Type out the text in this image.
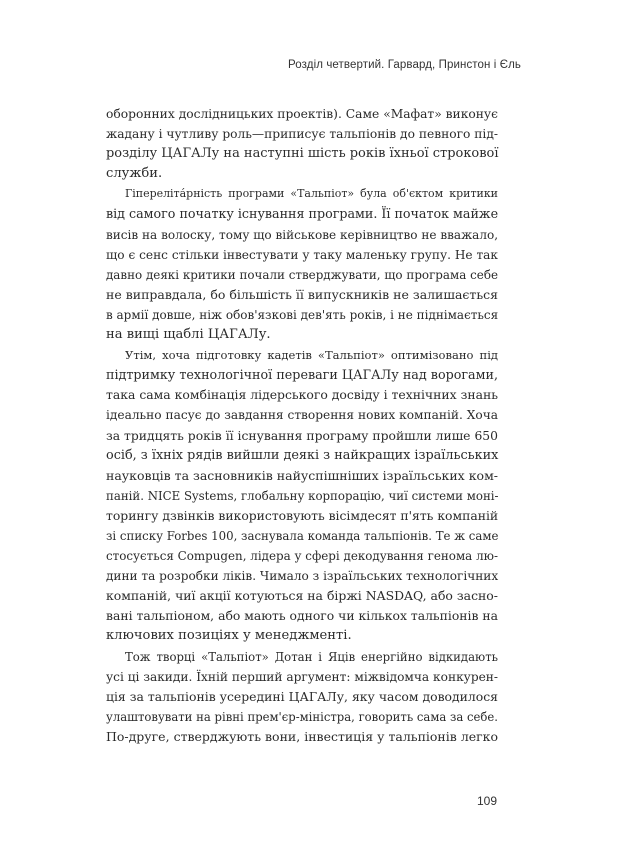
Розділ четвертий. Гарвард, Принстон і Єль

оборонних дослідницьких проектів). Саме «Мафат» виконує
жадану і чутливу роль—приписує тальпіонів до певного під-
розділу ЦАГАЛу на наступні шість років їхньої строкової
служби.

Гіпереліта́рність програми «Тальпіот» була об'єктом критики
від самого початку існування програми. Її початок майже
висів на волоску, тому що військове керівництво не вважало,
що є сенс стільки інвестувати у таку маленьку групу. Не так
давно деякі критики почали стверджувати, що програма себе
не виправдала, бо більшість її випускників не залишається
в армії довше, ніж обов'язкові дев'ять років, і не піднімається
на вищі щаблі ЦАГАЛу.

Утім, хоча підготовку кадетів «Тальпіот» оптимізовано під
підтримку технологічної переваги ЦАГАЛу над ворогами,
така сама комбінація лідерського досвіду і технічних знань
ідеально пасує до завдання створення нових компаній. Хоча
за тридцять років її існування програму пройшли лише 650
осіб, з їхніх рядів вийшли деякі з найкращих ізраїльських
науковців та засновників найуспішніших ізраїльських ком-
паній. NICE Systems, глобальну корпорацію, чиї системи моні-
торингу дзвінків використовують вісімдесят п'ять компаній
зі списку Forbes 100, заснувала команда тальпіонів. Те ж саме
стосується Compugen, лідера у сфері декодування генома лю-
дини та розробки ліків. Чимало з ізраїльських технологічних
компаній, чиї акції котуються на біржі NASDAQ, або засно-
вані тальпіоном, або мають одного чи кількох тальпіонів на
ключових позиціях у менеджменті.

Тож творці «Тальпіот» Дотан і Яців енергійно відкидають
усі ці закиди. Їхній перший аргумент: міжвідомча конкурен-
ція за тальпіонів усередині ЦАГАЛу, яку часом доводилося
улаштовувати на рівні прем'єр-міністра, говорить сама за себе.
По-друге, стверджують вони, інвестиція у тальпіонів легко

109
